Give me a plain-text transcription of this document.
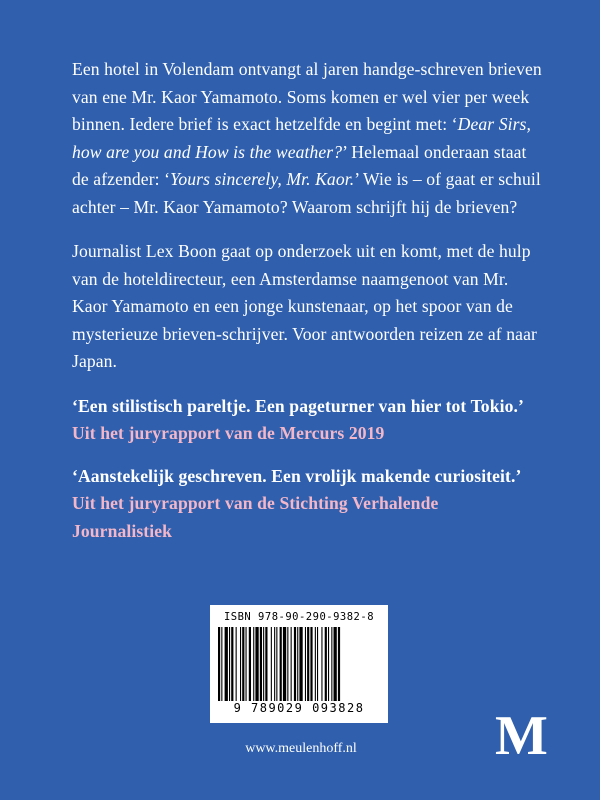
Een hotel in Volendam ontvangt al jaren handge-schreven brieven van ene Mr. Kaor Yamamoto. Soms komen er wel vier per week binnen. Iedere brief is exact hetzelfde en begint met: ‘Dear Sirs, how are you and How is the weather?’ Helemaal onderaan staat de afzender: ‘Yours sincerely, Mr. Kaor.’ Wie is – of gaat er schuil achter – Mr. Kaor Yamamoto? Waarom schrijft hij de brieven?

Journalist Lex Boon gaat op onderzoek uit en komt, met de hulp van de hoteldirecteur, een Amsterdamse naamgenoot van Mr. Kaor Yamamoto en een jonge kunstenaar, op het spoor van de mysterieuze brieven-schrijver. Voor antwoorden reizen ze af naar Japan.

‘Een stilistisch pareltje. Een pageturner van hier tot Tokio.’ Uit het juryrapport van de Mercurs 2019

‘Aanstekelijk geschreven. Een vrolijk makende curiositeit.’ Uit het juryrapport van de Stichting Verhalende Journalistiek

ISBN 978-90-290-9382-8
9 789029 093828
www.meulenhoff.nl	M
